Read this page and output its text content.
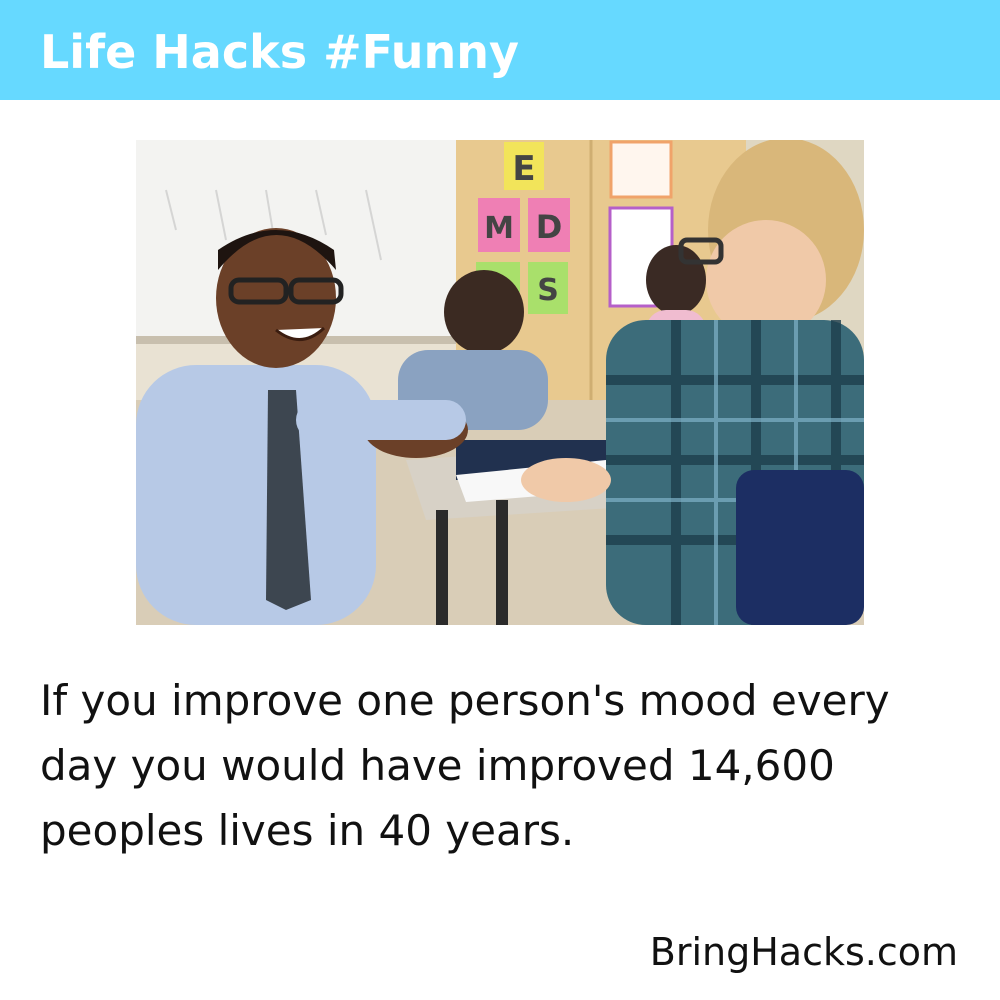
Life Hacks #Funny
E
M D
S
If you improve one person's mood every day you would have improved 14,600 peoples lives in 40 years.
BringHacks.com
